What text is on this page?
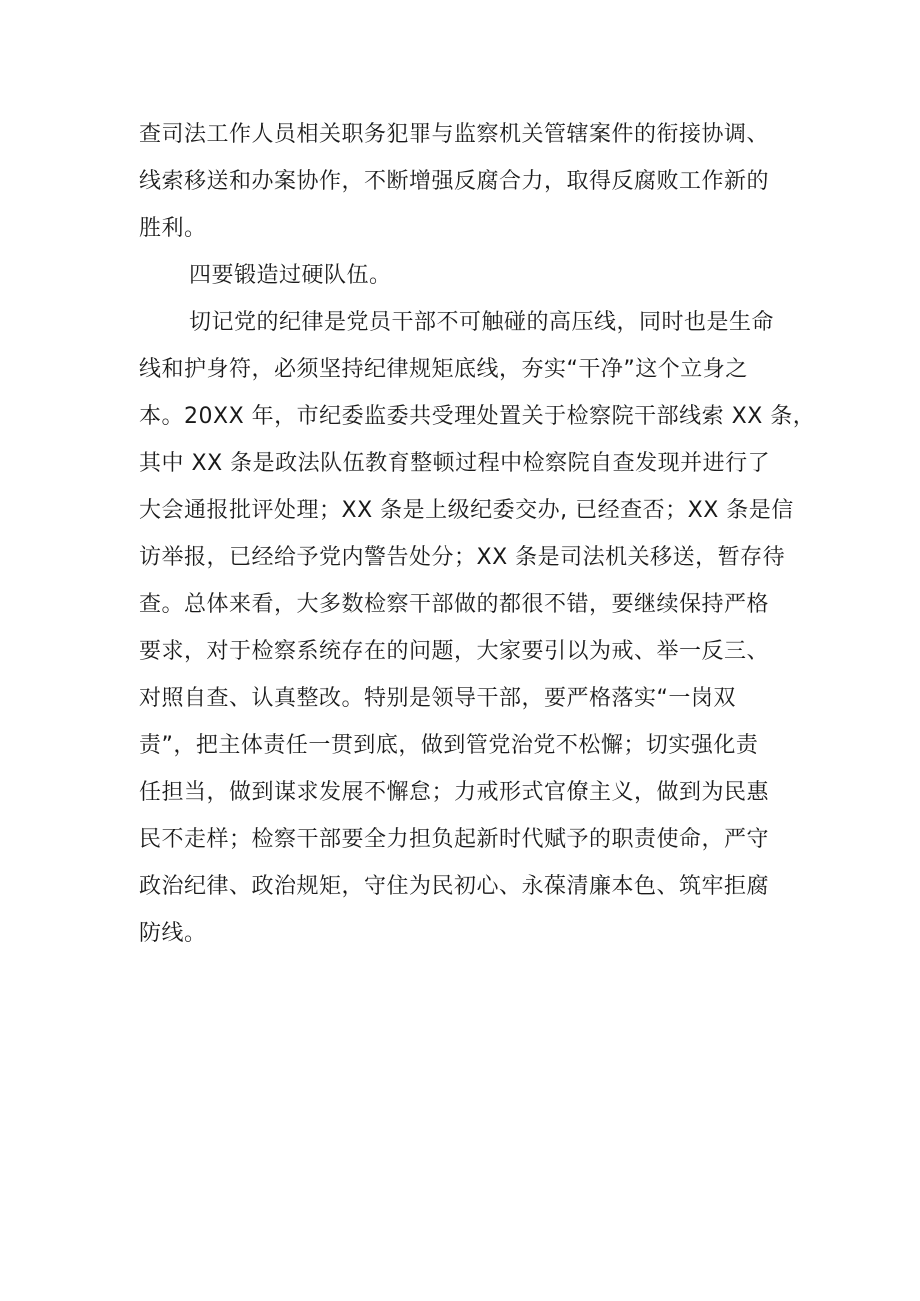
查司法工作人员相关职务犯罪与监察机关管辖案件的衔接协调、
线索移送和办案协作，不断增强反腐合力，取得反腐败工作新的
胜利。
四要锻造过硬队伍。
切记党的纪律是党员干部不可触碰的高压线，同时也是生命
线和护身符，必须坚持纪律规矩底线，夯实“干净”这个立身之
本。20XX 年，市纪委监委共受理处置关于检察院干部线索 XX 条，
其中 XX 条是政法队伍教育整顿过程中检察院自查发现并进行了
大会通报批评处理；XX 条是上级纪委交办, 已经查否；XX 条是信
访举报，已经给予党内警告处分；XX 条是司法机关移送，暂存待
查。总体来看，大多数检察干部做的都很不错，要继续保持严格
要求，对于检察系统存在的问题，大家要引以为戒、举一反三、
对照自查、认真整改。特别是领导干部，要严格落实“一岗双
责”，把主体责任一贯到底，做到管党治党不松懈；切实强化责
任担当，做到谋求发展不懈怠；力戒形式官僚主义，做到为民惠
民不走样；检察干部要全力担负起新时代赋予的职责使命，严守
政治纪律、政治规矩，守住为民初心、永葆清廉本色、筑牢拒腐
防线。
